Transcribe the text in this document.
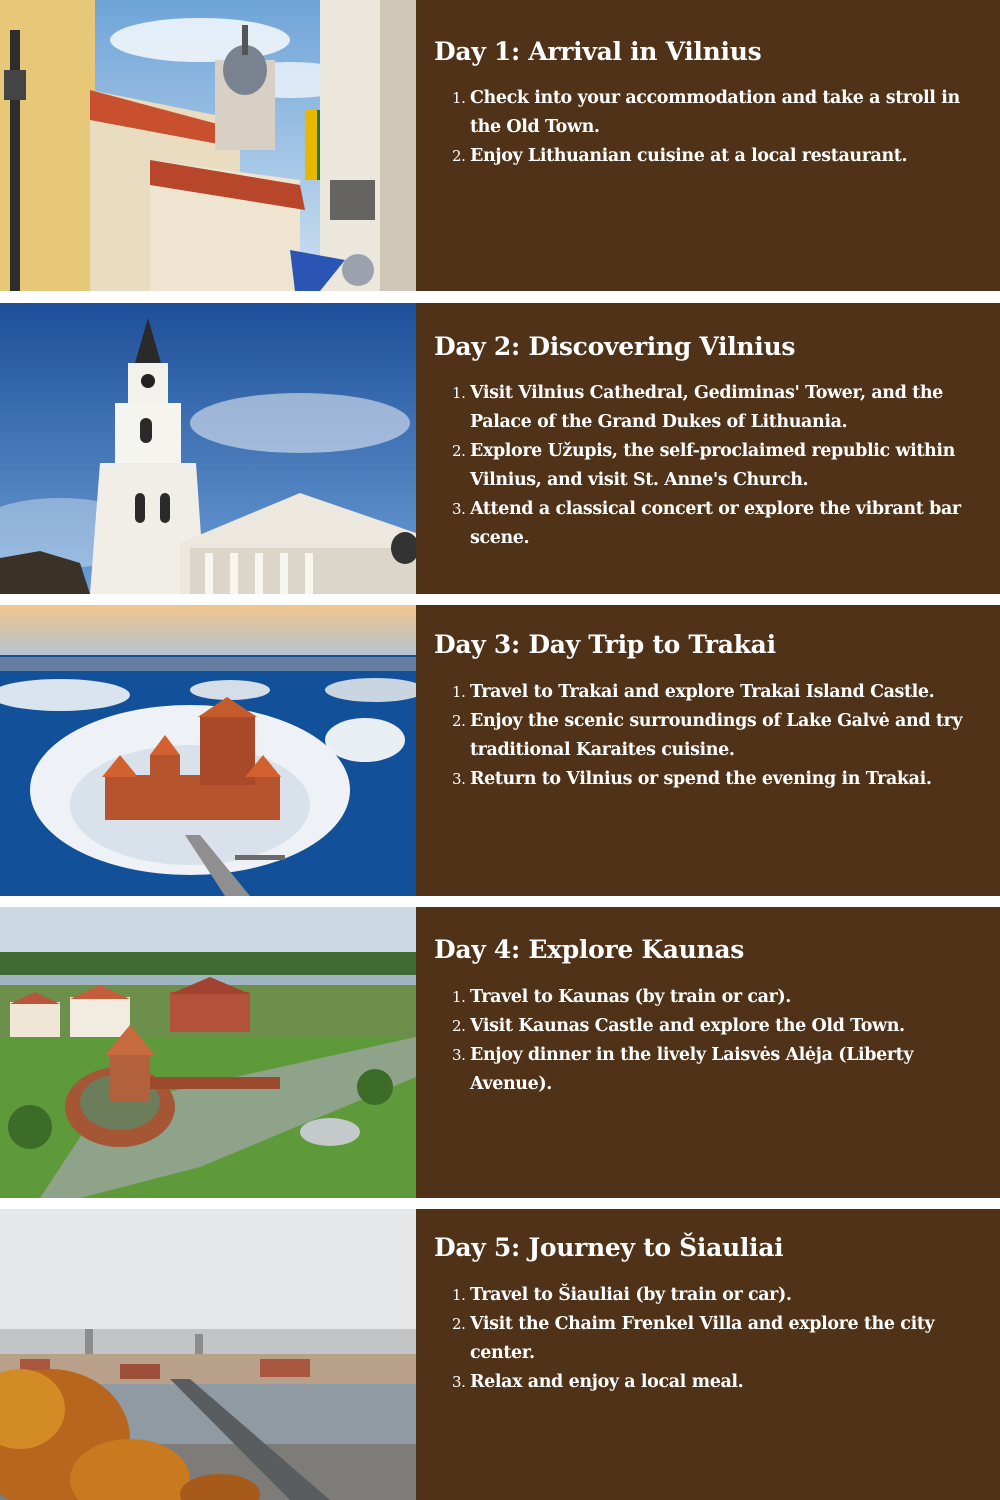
Day 1: Arrival in Vilnius
1. Check into your accommodation and take a stroll in the Old Town.
2. Enjoy Lithuanian cuisine at a local restaurant.
Day 2: Discovering Vilnius
1. Visit Vilnius Cathedral, Gediminas' Tower, and the Palace of the Grand Dukes of Lithuania.
2. Explore Užupis, the self-proclaimed republic within Vilnius, and visit St. Anne's Church.
3. Attend a classical concert or explore the vibrant bar scene.
Day 3: Day Trip to Trakai
1. Travel to Trakai and explore Trakai Island Castle.
2. Enjoy the scenic surroundings of Lake Galvė and try traditional Karaites cuisine.
3. Return to Vilnius or spend the evening in Trakai.
Day 4: Explore Kaunas
1. Travel to Kaunas (by train or car).
2. Visit Kaunas Castle and explore the Old Town.
3. Enjoy dinner in the lively Laisvės Alėja (Liberty Avenue).
Day 5: Journey to Šiauliai
1. Travel to Šiauliai (by train or car).
2. Visit the Chaim Frenkel Villa and explore the city center.
3. Relax and enjoy a local meal.
